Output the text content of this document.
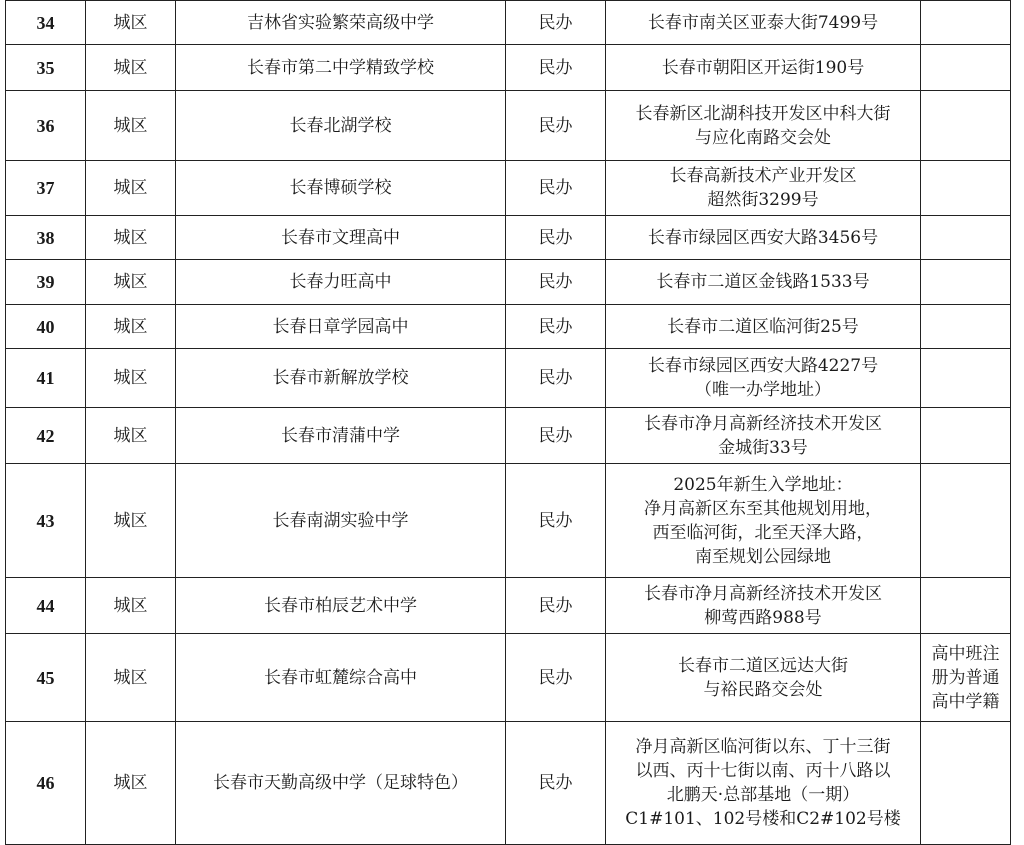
34	城区	吉林省实验繁荣高级中学	民办	长春市南关区亚泰大街7499号	

35	城区	长春市第二中学精致学校	民办	长春市朝阳区开运街190号	

36	城区	长春北湖学校	民办	长春新区北湖科技开发区中科大街
与应化南路交会处	

37	城区	长春博硕学校	民办	长春高新技术产业开发区
超然街3299号	

38	城区	长春市文理高中	民办	长春市绿园区西安大路3456号	

39	城区	长春力旺高中	民办	长春市二道区金钱路1533号	

40	城区	长春日章学园高中	民办	长春市二道区临河街25号	

41	城区	长春市新解放学校	民办	长春市绿园区西安大路4227号
（唯一办学地址）	

42	城区	长春市清蒲中学	民办	长春市净月高新经济技术开发区
金城街33号	

43	城区	长春南湖实验中学	民办	2025年新生入学地址：
净月高新区东至其他规划用地，
西至临河街，北至天泽大路，
南至规划公园绿地	

44	城区	长春市柏辰艺术中学	民办	长春市净月高新经济技术开发区
柳莺西路988号	

45	城区	长春市虹麓综合高中	民办	长春市二道区远达大街
与裕民路交会处	高中班注
册为普通
高中学籍

46	城区	长春市天勤高级中学（足球特色）	民办	净月高新区临河街以东、丁十三街
以西、丙十七街以南、丙十八路以
北鹏天·总部基地（一期）
C1#101、102号楼和C2#102号楼	
